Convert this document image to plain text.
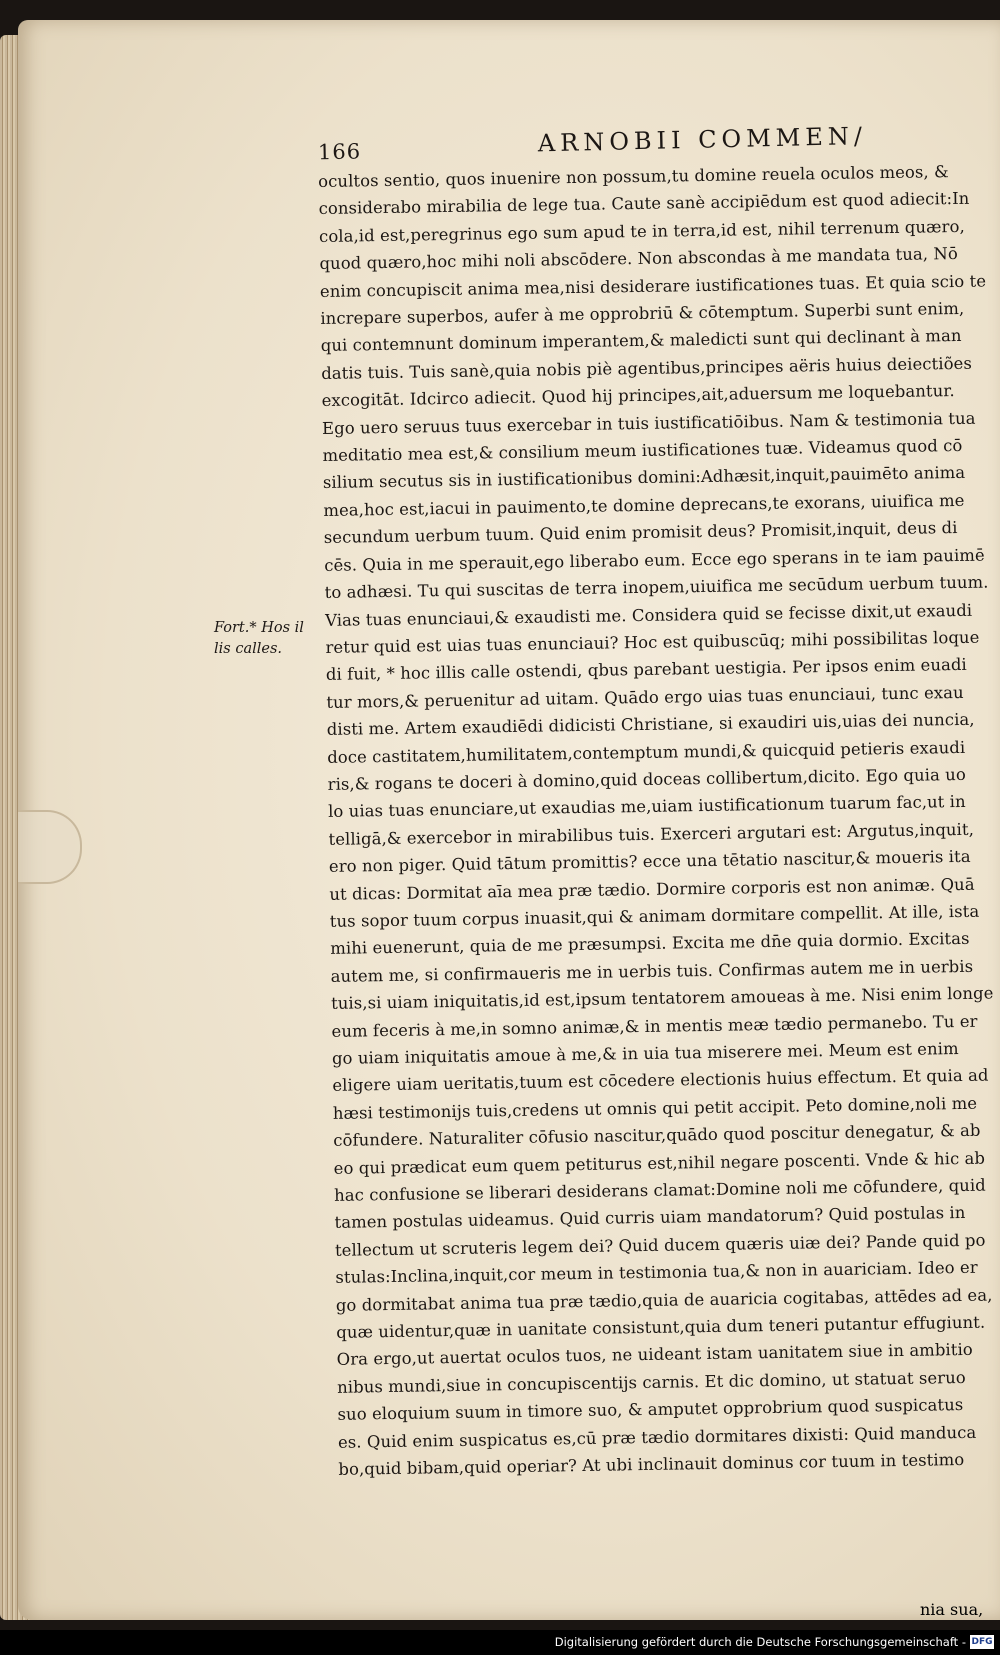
166	ARNOBII COMMEN/
Fort.* Hos il
lis calles.
ocultos sentio, quos inuenire non possum,tu domine reuela oculos meos, &
considerabo mirabilia de lege tua. Caute sanè accipiēdum est quod adiecit:In
cola,id est,peregrinus ego sum apud te in terra,id est, nihil terrenum quæro,
quod quæro,hoc mihi noli abscōdere. Non abscondas à me mandata tua, Nō
enim concupiscit anima mea,nisi desiderare iustificationes tuas. Et quia scio te
increpare superbos, aufer à me opprobriū & cōtemptum. Superbi sunt enim,
qui contemnunt dominum imperantem,& maledicti sunt qui declinant à man
datis tuis. Tuis sanè,quia nobis piè agentibus,principes aëris huius deiectiões
excogitāt. Idcirco adiecit. Quod hij principes,ait,aduersum me loquebantur.
Ego uero seruus tuus exercebar in tuis iustificatiōibus. Nam & testimonia tua
meditatio mea est,& consilium meum iustificationes tuæ. Videamus quod cō
silium secutus sis in iustificationibus domini:Adhæsit,inquit,pauimēto anima
mea,hoc est,iacui in pauimento,te domine deprecans,te exorans, uiuifica me
secundum uerbum tuum. Quid enim promisit deus? Promisit,inquit, deus di
cēs. Quia in me sperauit,ego liberabo eum. Ecce ego sperans in te iam pauimē
to adhæsi. Tu qui suscitas de terra inopem,uiuifica me secūdum uerbum tuum.
Vias tuas enunciaui,& exaudisti me. Considera quid se fecisse dixit,ut exaudi
retur quid est uias tuas enunciaui? Hoc est quibuscūq; mihi possibilitas loque
di fuit, * hoc illis calle ostendi, qbus parebant uestigia. Per ipsos enim euadi
tur mors,& peruenitur ad uitam. Quādo ergo uias tuas enunciaui, tunc exau
disti me. Artem exaudiēdi didicisti Christiane, si exaudiri uis,uias dei nuncia,
doce castitatem,humilitatem,contemptum mundi,& quicquid petieris exaudi
ris,& rogans te doceri à domino,quid doceas collibertum,dicito. Ego quia uo
lo uias tuas enunciare,ut exaudias me,uiam iustificationum tuarum fac,ut in
telligā,& exercebor in mirabilibus tuis. Exerceri argutari est: Argutus,inquit,
ero non piger. Quid tātum promittis? ecce una tētatio nascitur,& moueris ita
ut dicas: Dormitat aīa mea præ tædio. Dormire corporis est non animæ. Quā
tus sopor tuum corpus inuasit,qui & animam dormitare compellit. At ille, ista
mihi euenerunt, quia de me præsumpsi. Excita me dn̄e quia dormio. Excitas
autem me, si confirmaueris me in uerbis tuis. Confirmas autem me in uerbis
tuis,si uiam iniquitatis,id est,ipsum tentatorem amoueas à me. Nisi enim longe
eum feceris à me,in somno animæ,& in mentis meæ tædio permanebo. Tu er
go uiam iniquitatis amoue à me,& in uia tua miserere mei. Meum est enim
eligere uiam ueritatis,tuum est cōcedere electionis huius effectum. Et quia ad
hæsi testimonijs tuis,credens ut omnis qui petit accipit. Peto domine,noli me
cōfundere. Naturaliter cōfusio nascitur,quādo quod poscitur denegatur, & ab
eo qui prædicat eum quem petiturus est,nihil negare poscenti. Vnde & hic ab
hac confusione se liberari desiderans clamat:Domine noli me cōfundere, quid
tamen postulas uideamus. Quid curris uiam mandatorum? Quid postulas in
tellectum ut scruteris legem dei? Quid ducem quæris uiæ dei? Pande quid po
stulas:Inclina,inquit,cor meum in testimonia tua,& non in auariciam. Ideo er
go dormitabat anima tua præ tædio,quia de auaricia cogitabas, attēdes ad ea,
quæ uidentur,quæ in uanitate consistunt,quia dum teneri putantur effugiunt.
Ora ergo,ut auertat oculos tuos, ne uideant istam uanitatem siue in ambitio
nibus mundi,siue in concupiscentijs carnis. Et dic domino, ut statuat seruo
suo eloquium suum in timore suo, & amputet opprobrium quod suspicatus
es. Quid enim suspicatus es,cū præ tædio dormitares dixisti: Quid manduca
bo,quid bibam,quid operiar? At ubi inclinauit dominus cor tuum in testimo
nia sua,
Digitalisierung gefördert durch die Deutsche Forschungsgemeinschaft - DFG
